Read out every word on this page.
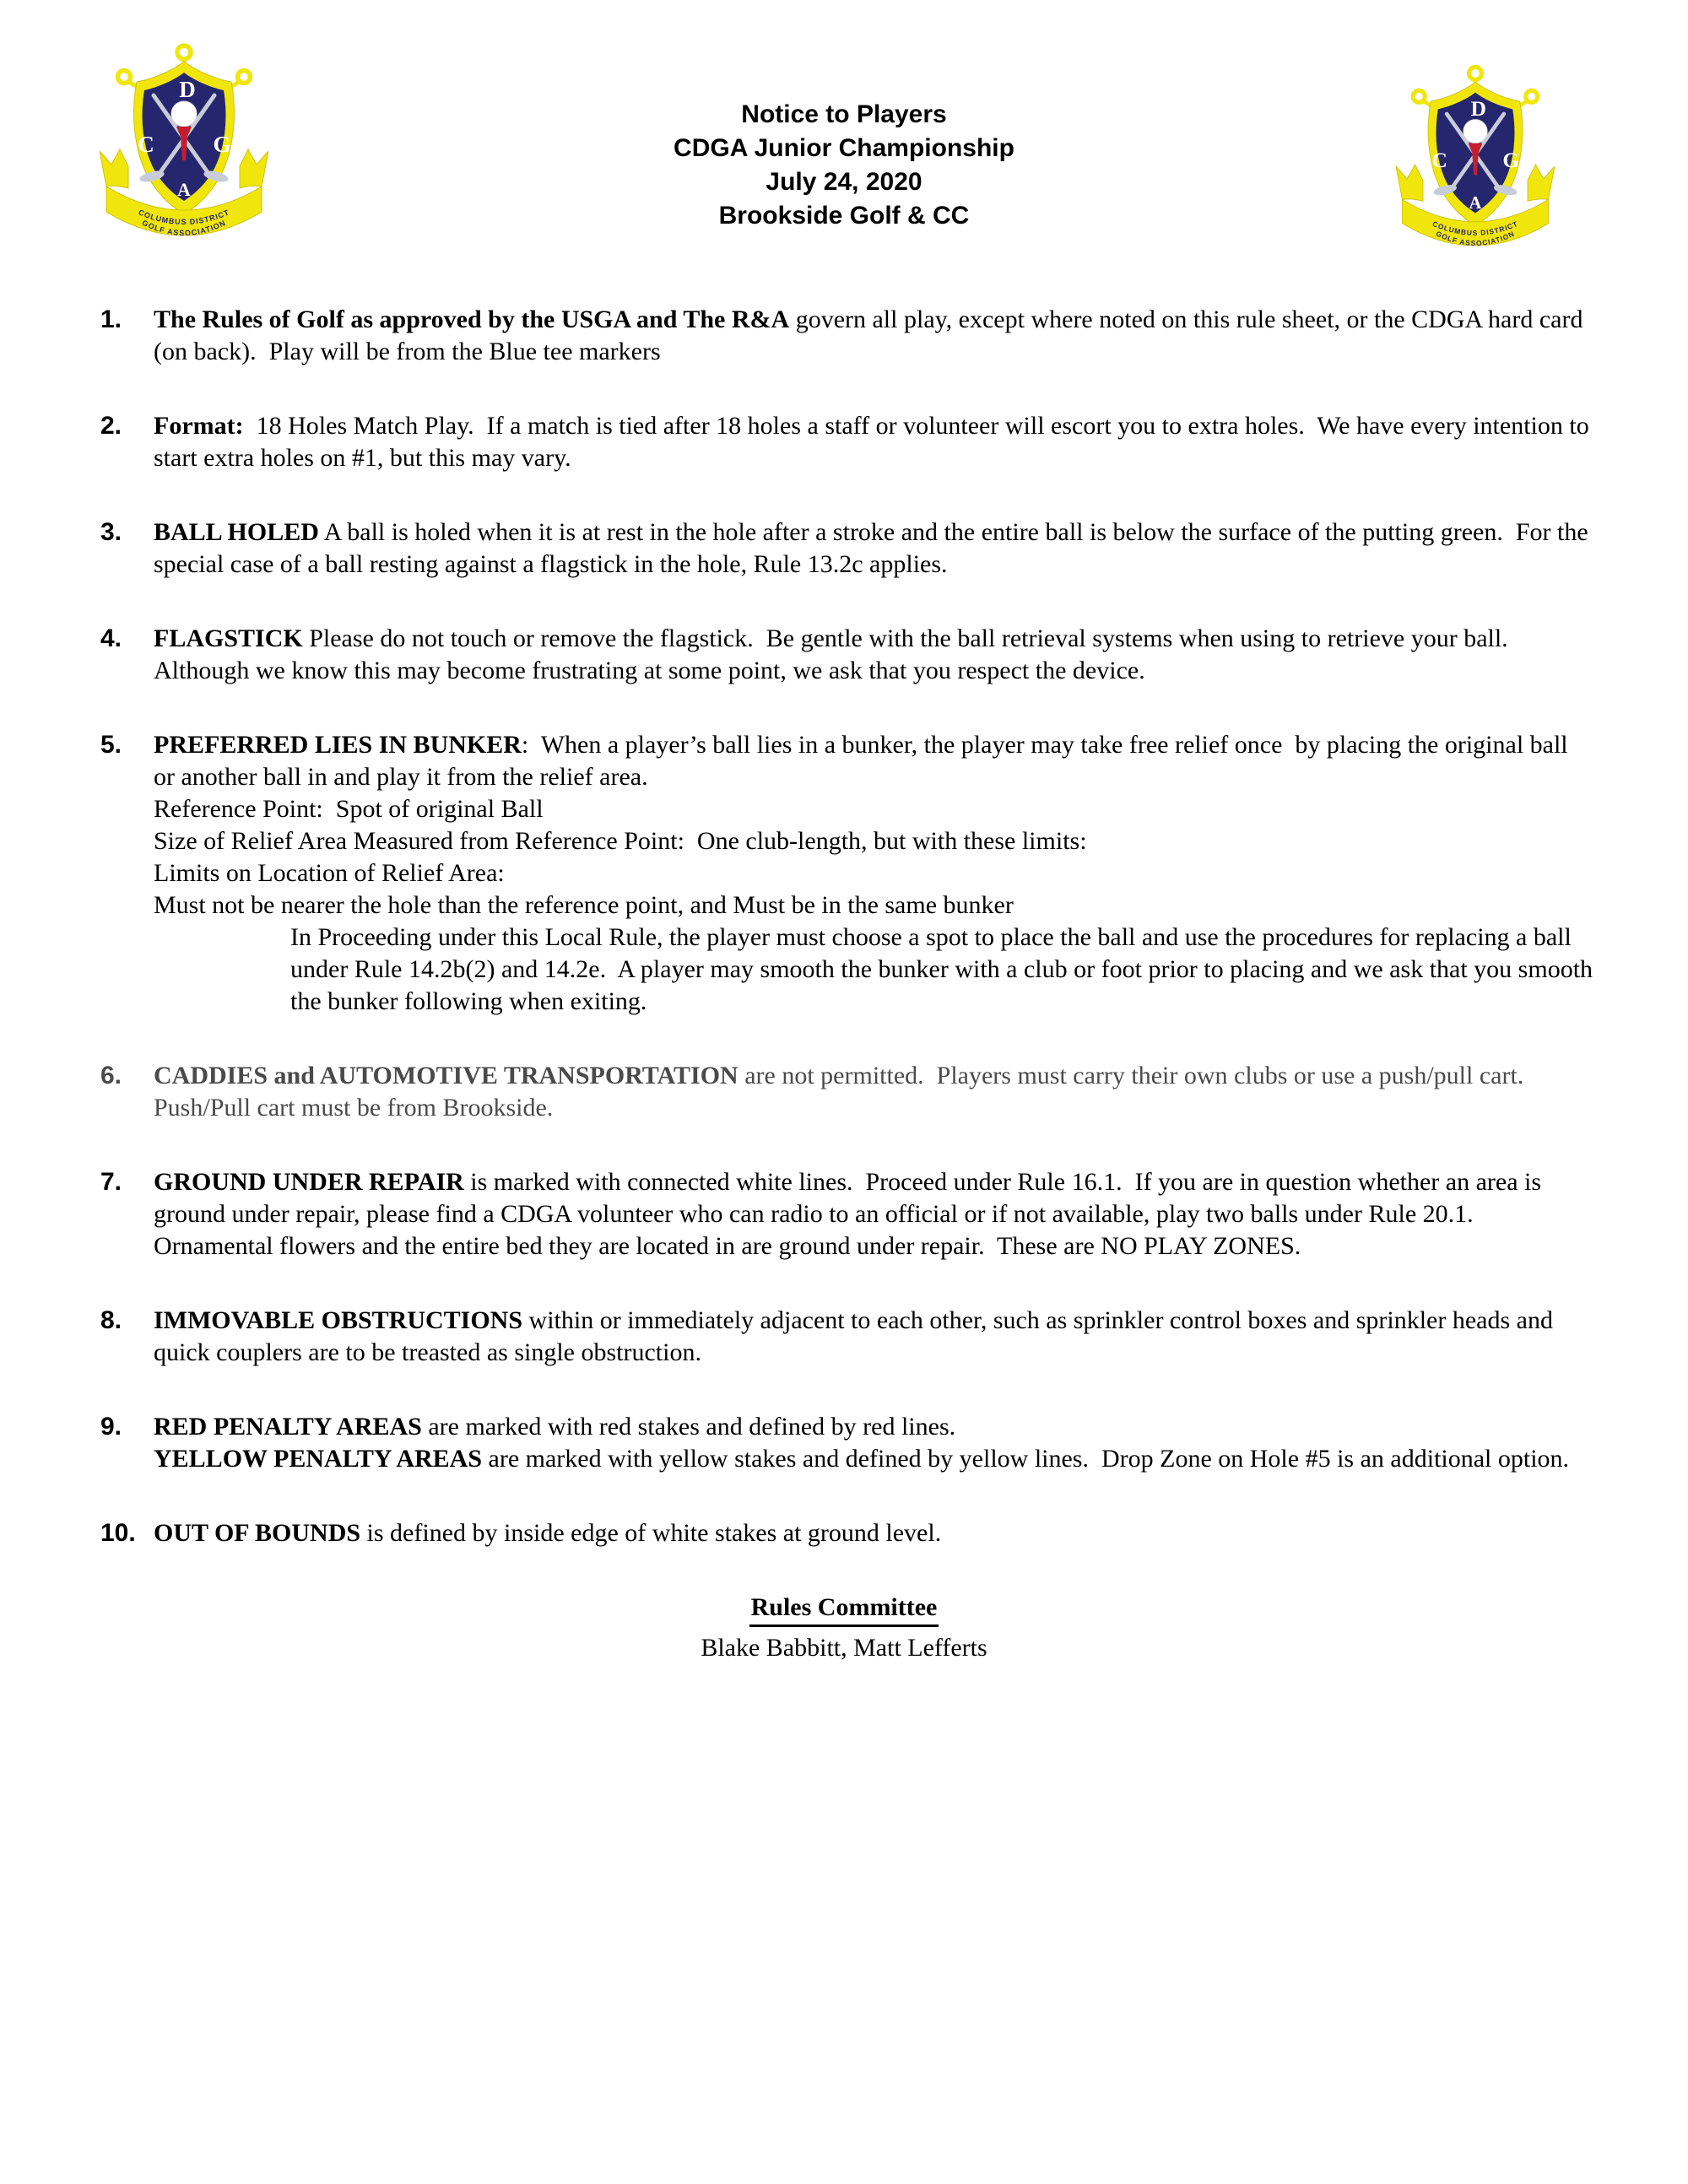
Notice to Players
CDGA Junior Championship
July 24, 2020
Brookside Golf & CC
1.	The Rules of Golf as approved by the USGA and The R&A govern all play, except where noted on this rule sheet, or the CDGA hard card (on back).  Play will be from the Blue tee markers
2.	Format:  18 Holes Match Play.  If a match is tied after 18 holes a staff or volunteer will escort you to extra holes.  We have every intention to start extra holes on #1, but this may vary.
3.	BALL HOLED A ball is holed when it is at rest in the hole after a stroke and the entire ball is below the surface of the putting green.  For the special case of a ball resting against a flagstick in the hole, Rule 13.2c applies.
4.	FLAGSTICK Please do not touch or remove the flagstick.  Be gentle with the ball retrieval systems when using to retrieve your ball.  Although we know this may become frustrating at some point, we ask that you respect the device.
5.	PREFERRED LIES IN BUNKER:  When a player’s ball lies in a bunker, the player may take free relief once  by placing the original ball or another ball in and play it from the relief area.
Reference Point:  Spot of original Ball
Size of Relief Area Measured from Reference Point:  One club-length, but with these limits:
Limits on Location of Relief Area:
Must not be nearer the hole than the reference point, and Must be in the same bunker
In Proceeding under this Local Rule, the player must choose a spot to place the ball and use the procedures for replacing a ball under Rule 14.2b(2) and 14.2e.  A player may smooth the bunker with a club or foot prior to placing and we ask that you smooth the bunker following when exiting.
6.	CADDIES and AUTOMOTIVE TRANSPORTATION are not permitted.  Players must carry their own clubs or use a push/pull cart.  Push/Pull cart must be from Brookside.
7.	GROUND UNDER REPAIR is marked with connected white lines.  Proceed under Rule 16.1.  If you are in question whether an area is ground under repair, please find a CDGA volunteer who can radio to an official or if not available, play two balls under Rule 20.1.
Ornamental flowers and the entire bed they are located in are ground under repair.  These are NO PLAY ZONES.
8.	IMMOVABLE OBSTRUCTIONS within or immediately adjacent to each other, such as sprinkler control boxes and sprinkler heads and quick couplers are to be treasted as single obstruction.
9.	RED PENALTY AREAS are marked with red stakes and defined by red lines.
YELLOW PENALTY AREAS are marked with yellow stakes and defined by yellow lines.  Drop Zone on Hole #5 is an additional option.
10. OUT OF BOUNDS is defined by inside edge of white stakes at ground level.
Rules Committee
Blake Babbitt, Matt Lefferts
